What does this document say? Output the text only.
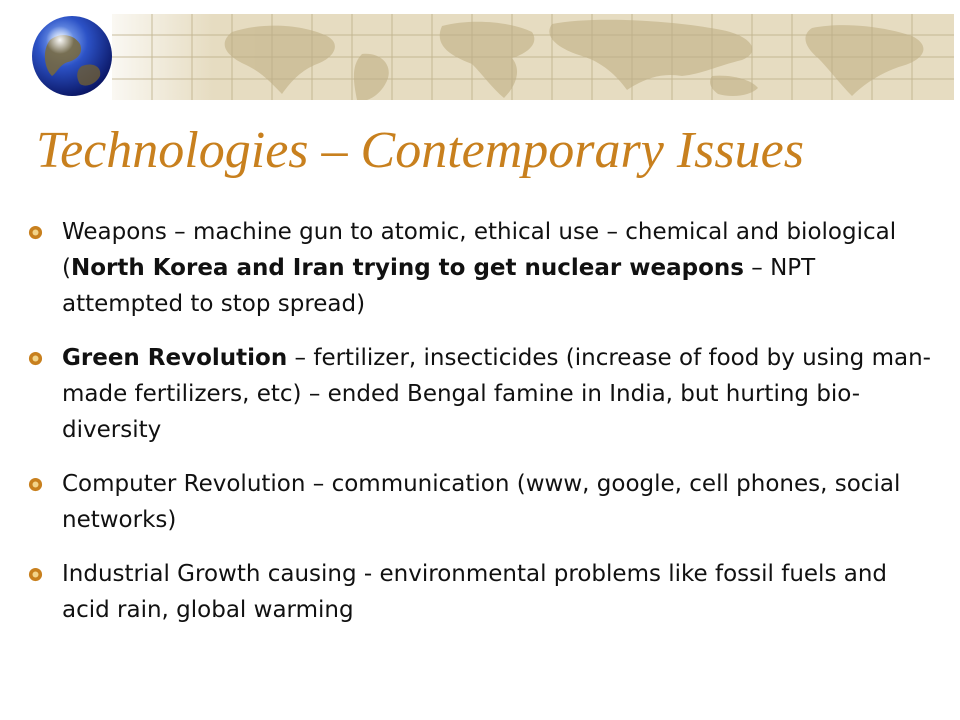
Technologies – Contemporary Issues
Weapons – machine gun to atomic, ethical use – chemical and biological (North Korea and Iran trying to get nuclear weapons – NPT attempted to stop spread)
Green Revolution – fertilizer, insecticides (increase of food by using man-made fertilizers, etc) – ended Bengal famine in India, but hurting bio-diversity
Computer Revolution – communication (www, google, cell phones, social networks)
Industrial Growth causing - environmental problems like fossil fuels and acid rain, global warming
